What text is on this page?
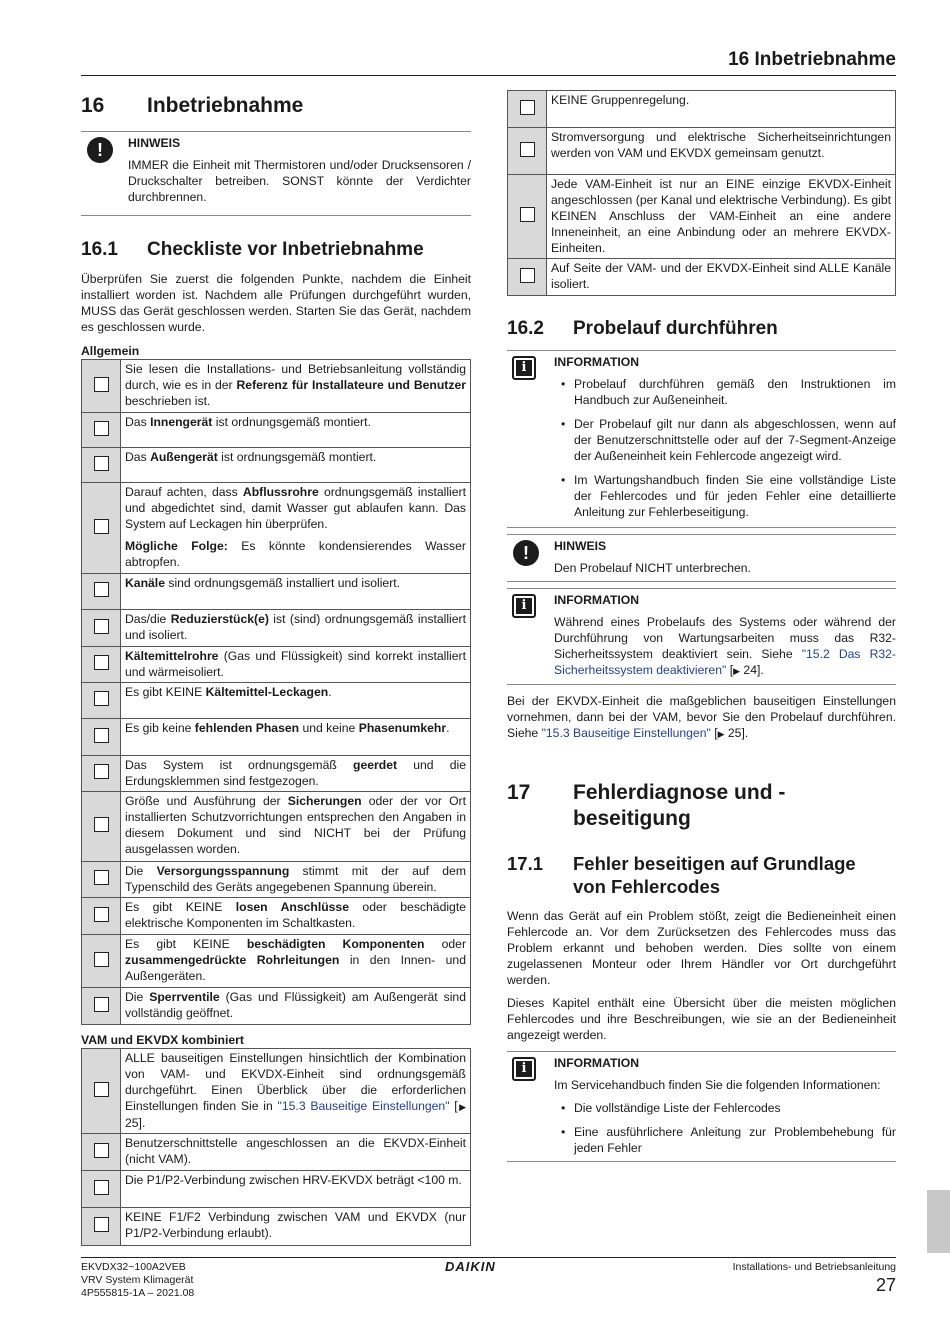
16 Inbetriebnahme
16	Inbetriebnahme
!	HINWEIS

IMMER die Einheit mit Thermistoren und/oder Drucksensoren / Druckschalter betreiben. SONST könnte der Verdichter durchbrennen.

16.1	Checkliste vor Inbetriebnahme

Überprüfen Sie zuerst die folgenden Punkte, nachdem die Einheit installiert worden ist. Nachdem alle Prüfungen durchgeführt wurden, MUSS das Gerät geschlossen werden. Starten Sie das Gerät, nachdem es geschlossen wurde.

Allgemein
	Sie lesen die Installations- und Betriebsanleitung vollständig durch, wie es in der Referenz für Installateure und Benutzer beschrieben ist.
	Das Innengerät ist ordnungsgemäß montiert.
	Das Außengerät ist ordnungsgemäß montiert.
	Darauf achten, dass Abflussrohre ordnungsgemäß installiert und abgedichtet sind, damit Wasser gut ablaufen kann. Das System auf Leckagen hin überprüfen.
Mögliche Folge: Es könnte kondensierendes Wasser abtropfen.

	Kanäle sind ordnungsgemäß installiert und isoliert.
	Das/die Reduzierstück(e) ist (sind) ordnungsgemäß installiert und isoliert.
	Kältemittelrohre (Gas und Flüssigkeit) sind korrekt installiert und wärmeisoliert.
	Es gibt KEINE Kältemittel-Leckagen.
	Es gib keine fehlenden Phasen und keine Phasenumkehr.
	Das System ist ordnungsgemäß geerdet und die Erdungsklemmen sind festgezogen.
	Größe und Ausführung der Sicherungen oder der vor Ort installierten Schutzvorrichtungen entsprechen den Angaben in diesem Dokument und sind NICHT bei der Prüfung ausgelassen worden.
	Die Versorgungsspannung stimmt mit der auf dem Typenschild des Geräts angegebenen Spannung überein.
	Es gibt KEINE losen Anschlüsse oder beschädigte elektrische Komponenten im Schaltkasten.
	Es gibt KEINE beschädigten Komponenten oder zusammengedrückte Rohrleitungen in den Innen- und Außengeräten.
	Die Sperrventile (Gas und Flüssigkeit) am Außengerät sind vollständig geöffnet.
VAM und EKVDX kombiniert
	ALLE bauseitigen Einstellungen hinsichtlich der Kombination von VAM- und EKVDX-Einheit sind ordnungsgemäß durchgeführt. Einen Überblick über die erforderlichen Einstellungen finden Sie in "15.3 Bauseitige Einstellungen" [▶ 25].
	Benutzerschnittstelle angeschlossen an die EKVDX-Einheit (nicht VAM).
	Die P1/P2-Verbindung zwischen HRV-EKVDX beträgt <100 m.
	KEINE F1/F2 Verbindung zwischen VAM und EKVDX (nur P1/P2-Verbindung erlaubt).
	KEINE Gruppenregelung.
	Stromversorgung und elektrische Sicherheitseinrichtungen werden von VAM und EKVDX gemeinsam genutzt.
	Jede VAM-Einheit ist nur an EINE einzige EKVDX-Einheit angeschlossen (per Kanal und elektrische Verbindung). Es gibt KEINEN Anschluss der VAM-Einheit an eine andere Inneneinheit, an eine Anbindung oder an mehrere EKVDX-Einheiten.
	Auf Seite der VAM- und der EKVDX-Einheit sind ALLE Kanäle isoliert.
16.2	Probelauf durchführen
i	INFORMATION
• Probelauf durchführen gemäß den Instruktionen im Handbuch zur Außeneinheit.
• Der Probelauf gilt nur dann als abgeschlossen, wenn auf der Benutzerschnittstelle oder auf der 7-Segment-Anzeige der Außeneinheit kein Fehlercode angezeigt wird.
• Im Wartungshandbuch finden Sie eine vollständige Liste der Fehlercodes und für jeden Fehler eine detaillierte Anleitung zur Fehlerbeseitigung.
!	HINWEIS

Den Probelauf NICHT unterbrechen.

i	INFORMATION

Während eines Probelaufs des Systems oder während der Durchführung von Wartungsarbeiten muss das R32-Sicherheitssystem deaktiviert sein. Siehe "15.2 Das R32-Sicherheitssystem deaktivieren" [▶ 24].

Bei der EKVDX-Einheit die maßgeblichen bauseitigen Einstellungen vornehmen, dann bei der VAM, bevor Sie den Probelauf durchführen. Siehe "15.3 Bauseitige Einstellungen" [▶ 25].

17	Fehlerdiagnose und -
beseitigung
17.1	Fehler beseitigen auf Grundlage
von Fehlercodes

Wenn das Gerät auf ein Problem stößt, zeigt die Bedieneinheit einen Fehlercode an. Vor dem Zurücksetzen des Fehlercodes muss das Problem erkannt und behoben werden. Dies sollte von einem zugelassenen Monteur oder Ihrem Händler vor Ort durchgeführt werden.

Dieses Kapitel enthält eine Übersicht über die meisten möglichen Fehlercodes und ihre Beschreibungen, wie sie an der Bedieneinheit angezeigt werden.

i	INFORMATION

Im Servicehandbuch finden Sie die folgenden Informationen:

• Die vollständige Liste der Fehlercodes
• Eine ausführlichere Anleitung zur Problembehebung für jeden Fehler
EKVDX32~100A2VEB
VRV System Klimagerät
4P555815-1A – 2021.08
DAIKIN	Installations- und Betriebsanleitung
27
